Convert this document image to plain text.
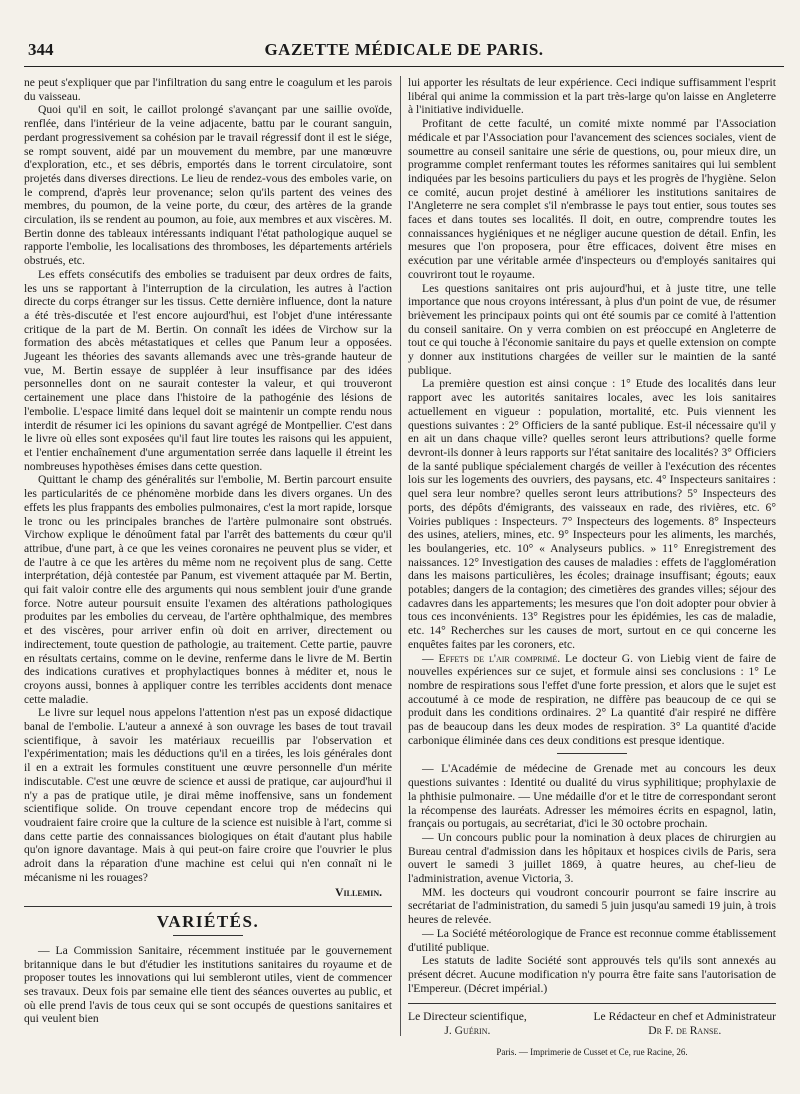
344	GAZETTE MÉDICALE DE PARIS.

ne peut s'expliquer que par l'infiltration du sang entre le coagulum et les parois du vaisseau.

Quoi qu'il en soit, le caillot prolongé s'avançant par une saillie ovoïde, renflée, dans l'intérieur de la veine adjacente, battu par le courant sanguin, perdant progressivement sa cohésion par le travail régressif dont il est le siége, se rompt souvent, aidé par un mouvement du membre, par une manœuvre d'exploration, etc., et ses débris, emportés dans le torrent circulatoire, sont projetés dans diverses directions. Le lieu de rendez-vous des emboles varie, on le comprend, d'après leur provenance; selon qu'ils partent des veines des membres, du poumon, de la veine porte, du cœur, des artères de la grande circulation, ils se rendent au poumon, au foie, aux membres et aux viscères. M. Bertin donne des tableaux intéressants indiquant l'état pathologique auquel se rapporte l'embolie, les localisations des thromboses, les départements artériels obstrués, etc.

Les effets consécutifs des embolies se traduisent par deux ordres de faits, les uns se rapportant à l'interruption de la circulation, les autres à l'action directe du corps étranger sur les tissus. Cette dernière influence, dont la nature a été très-discutée et l'est encore aujourd'hui, est l'objet d'une intéressante critique de la part de M. Bertin. On connaît les idées de Virchow sur la formation des abcès métastatiques et celles que Panum leur a opposées. Jugeant les théories des savants allemands avec une très-grande hauteur de vue, M. Bertin essaye de suppléer à leur insuffisance par des idées personnelles dont on ne saurait contester la valeur, et qui trouveront certainement une place dans l'histoire de la pathogénie des lésions de l'embolie. L'espace limité dans lequel doit se maintenir un compte rendu nous interdit de résumer ici les opinions du savant agrégé de Montpellier. C'est dans le livre où elles sont exposées qu'il faut lire toutes les raisons qui les appuient, et l'entier enchaînement d'une argumentation serrée dans laquelle il étreint les nombreuses hypothèses émises dans cette question.

Quittant le champ des généralités sur l'embolie, M. Bertin parcourt ensuite les particularités de ce phénomène morbide dans les divers organes. Un des effets les plus frappants des embolies pulmonaires, c'est la mort rapide, lorsque le tronc ou les principales branches de l'artère pulmonaire sont obstrués. Virchow explique le dénoûment fatal par l'arrêt des battements du cœur qu'il attribue, d'une part, à ce que les veines coronaires ne peuvent plus se vider, et de l'autre à ce que les artères du même nom ne reçoivent plus de sang. Cette interprétation, déjà contestée par Panum, est vivement attaquée par M. Bertin, qui fait valoir contre elle des arguments qui nous semblent jouir d'une grande force. Notre auteur poursuit ensuite l'examen des altérations pathologiques produites par les embolies du cerveau, de l'artère ophthalmique, des membres et des viscères, pour arriver enfin où doit en arriver, directement ou indirectement, toute question de pathologie, au traitement. Cette partie, pauvre en résultats certains, comme on le devine, renferme dans le livre de M. Bertin des indications curatives et prophylactiques bonnes à méditer et, nous le croyons aussi, bonnes à appliquer contre les terribles accidents dont menace cette maladie.

Le livre sur lequel nous appelons l'attention n'est pas un exposé didactique banal de l'embolie. L'auteur a annexé à son ouvrage les bases de tout travail scientifique, à savoir les matériaux recueillis par l'observation et l'expérimentation; mais les déductions qu'il en a tirées, les lois générales dont il en a extrait les formules constituent une œuvre personnelle d'un mérite indiscutable. C'est une œuvre de science et aussi de pratique, car aujourd'hui il n'y a pas de pratique utile, je dirai même inoffensive, sans un fondement scientifique solide. On trouve cependant encore trop de médecins qui voudraient faire croire que la culture de la science est nuisible à l'art, comme si dans cette partie des connaissances biologiques on était d'autant plus habile qu'on ignore davantage. Mais à qui peut-on faire croire que l'ouvrier le plus adroit dans la réparation d'une machine est celui qui n'en connaît ni le mécanisme ni les rouages?

Villemin.
VARIÉTÉS.

— La Commission Sanitaire, récemment instituée par le gouvernement britannique dans le but d'étudier les institutions sanitaires du royaume et de proposer toutes les innovations qui lui sembleront utiles, vient de commencer ses travaux. Deux fois par semaine elle tient des séances ouvertes au public, et où elle prend l'avis de tous ceux qui se sont occupés de questions sanitaires et qui veulent bien

lui apporter les résultats de leur expérience. Ceci indique suffisamment l'esprit libéral qui anime la commission et la part très-large qu'on laisse en Angleterre à l'initiative individuelle.

Profitant de cette faculté, un comité mixte nommé par l'Association médicale et par l'Association pour l'avancement des sciences sociales, vient de soumettre au conseil sanitaire une série de questions, ou, pour mieux dire, un programme complet renfermant toutes les réformes sanitaires qui lui semblent indiquées par les besoins particuliers du pays et les progrès de l'hygiène. Selon ce comité, aucun projet destiné à améliorer les institutions sanitaires de l'Angleterre ne sera complet s'il n'embrasse le pays tout entier, sous toutes ses faces et dans toutes ses localités. Il doit, en outre, comprendre toutes les connaissances hygiéniques et ne négliger aucune question de détail. Enfin, les mesures que l'on proposera, pour être efficaces, doivent être mises en exécution par une véritable armée d'inspecteurs ou d'employés sanitaires qui couvriront tout le royaume.

Les questions sanitaires ont pris aujourd'hui, et à juste titre, une telle importance que nous croyons intéressant, à plus d'un point de vue, de résumer brièvement les principaux points qui ont été soumis par ce comité à l'attention du conseil sanitaire. On y verra combien on est préoccupé en Angleterre de tout ce qui touche à l'économie sanitaire du pays et quelle extension on compte y donner aux institutions chargées de veiller sur le maintien de la santé publique.

La première question est ainsi conçue : 1° Etude des localités dans leur rapport avec les autorités sanitaires locales, avec les lois sanitaires actuellement en vigueur : population, mortalité, etc. Puis viennent les questions suivantes : 2° Officiers de la santé publique. Est-il nécessaire qu'il y en ait un dans chaque ville? quelles seront leurs attributions? quelle forme devront-ils donner à leurs rapports sur l'état sanitaire des localités? 3° Officiers de la santé publique spécialement chargés de veiller à l'exécution des récentes lois sur les logements des ouvriers, des paysans, etc. 4° Inspecteurs sanitaires : quel sera leur nombre? quelles seront leurs attributions? 5° Inspecteurs des ports, des dépôts d'émigrants, des vaisseaux en rade, des rivières, etc. 6° Voiries publiques : Inspecteurs. 7° Inspecteurs des logements. 8° Inspecteurs des usines, ateliers, mines, etc. 9° Inspecteurs pour les aliments, les marchés, les boulangeries, etc. 10° « Analyseurs publics. » 11° Enregistrement des naissances. 12° Investigation des causes de maladies : effets de l'agglomération dans les maisons particulières, les écoles; drainage insuffisant; égouts; eaux potables; dangers de la contagion; des cimetières des grandes villes; séjour des cadavres dans les appartements; les mesures que l'on doit adopter pour obvier à tous ces inconvénients. 13° Registres pour les épidémies, les cas de maladie, etc. 14° Recherches sur les causes de mort, surtout en ce qui concerne les enquêtes faites par les coroners, etc.

— Effets de l'air comprimé. Le docteur G. von Liebig vient de faire de nouvelles expériences sur ce sujet, et formule ainsi ses conclusions : 1° Le nombre de respirations sous l'effet d'une forte pression, et alors que le sujet est accoutumé à ce mode de respiration, ne diffère pas beaucoup de ce qui se produit dans les conditions ordinaires. 2° La quantité d'air respiré ne diffère pas de beaucoup dans les deux modes de respiration. 3° La quantité d'acide carbonique éliminée dans ces deux conditions est presque identique.

— L'Académie de médecine de Grenade met au concours les deux questions suivantes : Identité ou dualité du virus syphilitique; prophylaxie de la phthisie pulmonaire. — Une médaille d'or et le titre de correspondant seront la récompense des lauréats. Adresser les mémoires écrits en espagnol, latin, français ou portugais, au secrétariat, d'ici le 30 octobre prochain.

— Un concours public pour la nomination à deux places de chirurgien au Bureau central d'admission dans les hôpitaux et hospices civils de Paris, sera ouvert le samedi 3 juillet 1869, à quatre heures, au chef-lieu de l'administration, avenue Victoria, 3.

MM. les docteurs qui voudront concourir pourront se faire inscrire au secrétariat de l'administration, du samedi 5 juin jusqu'au samedi 19 juin, à trois heures de relevée.

— La Société météorologique de France est reconnue comme établissement d'utilité publique.

Les statuts de ladite Société sont approuvés tels qu'ils sont annexés au présent décret. Aucune modification n'y pourra être faite sans l'autorisation de l'Empereur. (Décret impérial.)

Le Directeur scientifique,
J. Guérin.
Le Rédacteur en chef et Administrateur
Dr F. de Ranse.
Paris. — Imprimerie de Cusset et Ce, rue Racine, 26.
